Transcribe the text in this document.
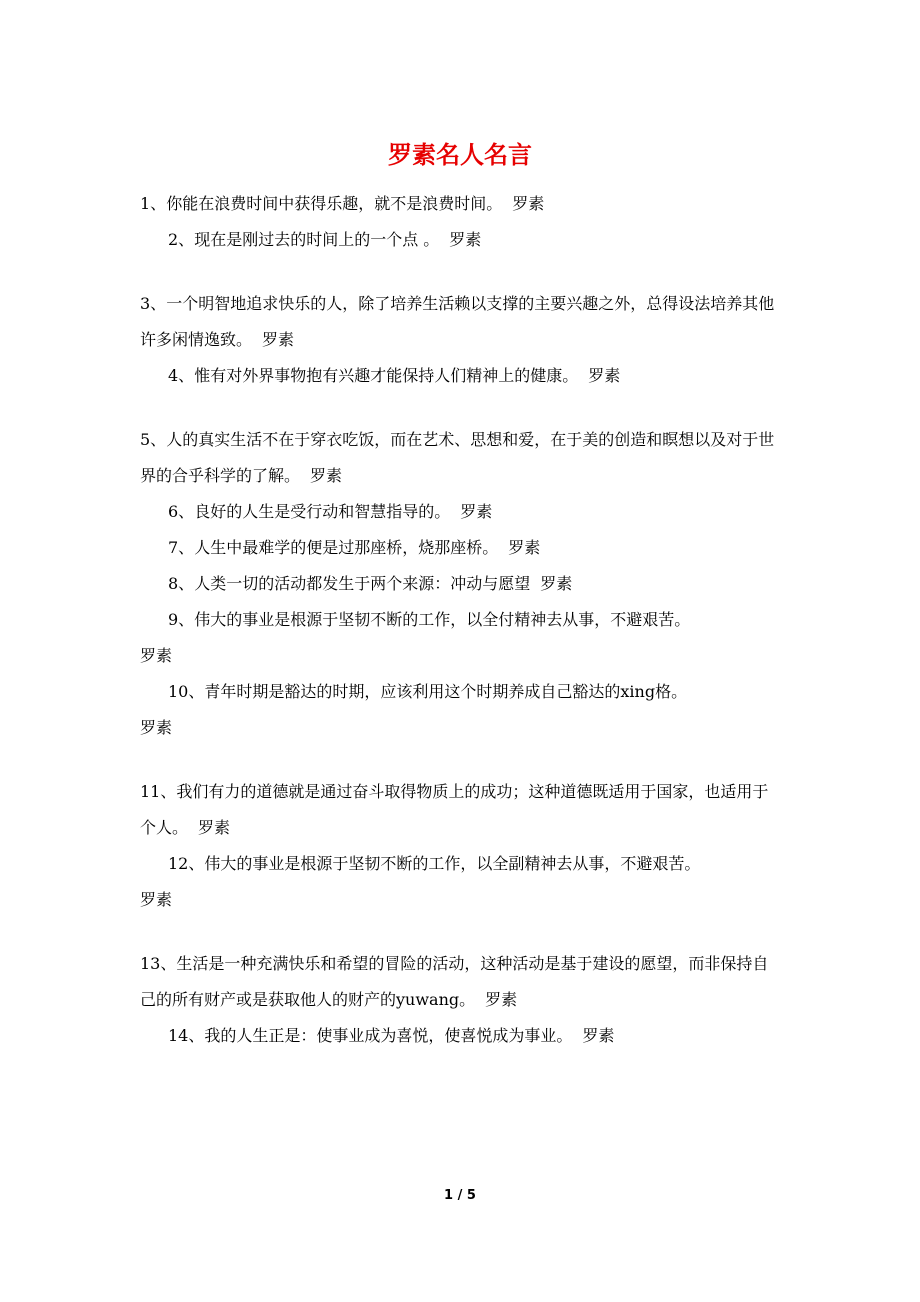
罗素名人名言

1、你能在浪费时间中获得乐趣，就不是浪费时间。 罗素

2、现在是刚过去的时间上的一个点 。 罗素

3、一个明智地追求快乐的人，除了培养生活赖以支撑的主要兴趣之外，总得设法培养其他许多闲情逸致。 罗素

4、惟有对外界事物抱有兴趣才能保持人们精神上的健康。 罗素

5、人的真实生活不在于穿衣吃饭，而在艺术、思想和爱，在于美的创造和瞑想以及对于世界的合乎科学的了解。 罗素

6、良好的人生是受行动和智慧指导的。 罗素

7、人生中最难学的便是过那座桥，烧那座桥。 罗素

8、人类一切的活动都发生于两个来源：冲动与愿望 罗素

9、伟大的事业是根源于坚韧不断的工作，以全付精神去从事，不避艰苦。
罗素

10、青年时期是豁达的时期，应该利用这个时期养成自己豁达的xing格。
罗素

11、我们有力的道德就是通过奋斗取得物质上的成功；这种道德既适用于国家，也适用于个人。 罗素

12、伟大的事业是根源于坚韧不断的工作，以全副精神去从事，不避艰苦。
罗素

13、生活是一种充满快乐和希望的冒险的活动，这种活动是基于建设的愿望，而非保持自己的所有财产或是获取他人的财产的yuwang。 罗素

14、我的人生正是：使事业成为喜悦，使喜悦成为事业。 罗素

1 / 5
